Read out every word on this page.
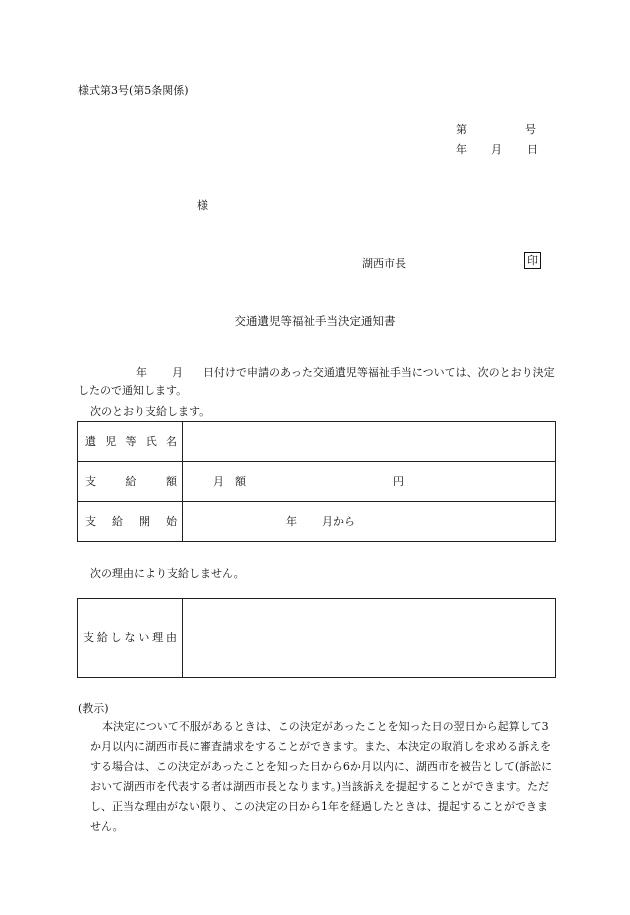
様式第3号(第5条関係)
第	号
年 月 日
様
湖西市長	印
交通遺児等福祉手当決定通知書
年 月 日付けで申請のあった交通遺児等福祉手当については、次のとおり決定したので通知します。
次のとおり支給します。
遺 児 等 氏 名	

支 給 額	月　額 円

支 給 開 始	年 月から
次の理由により支給しません。
支 給 し な い 理 由

(教示)
本決定について不服があるときは、この決定があったことを知った日の翌日から起算して3か月以内に湖西市長に審査請求をすることができます。また、本決定の取消しを求める訴えをする場合は、この決定があったことを知った日から6か月以内に、湖西市を被告として(訴訟において湖西市を代表する者は湖西市長となります。)当該訴えを提起することができます。ただし、正当な理由がない限り、この決定の日から1年を経過したときは、提起することができません。
